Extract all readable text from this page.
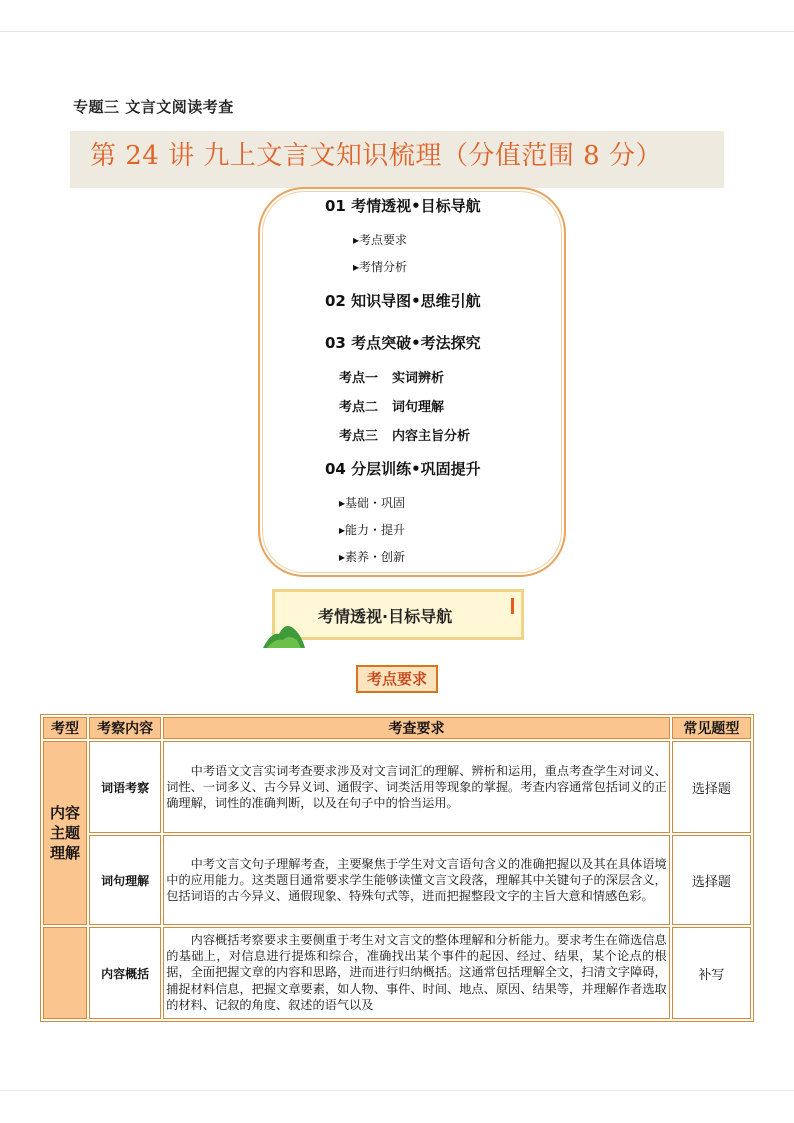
专题三 文言文阅读考查
第 24 讲 九上文言文知识梳理（分值范围 8 分）
01 考情透视•目标导航
▸考点要求
▸考情分析
02 知识导图•思维引航
03 考点突破•考法探究
考点一 实词辨析
考点二 词句理解
考点三 内容主旨分析
04 分层训练•巩固提升
▸基础・巩固
▸能力・提升
▸素养・创新
考情透视·目标导航
考点要求
考型	考察内容	考查要求	常见题型

内容主题理解	词语考察	中考语文文言实词考查要求涉及对文言词汇的理解、辨析和运用，重点考查学生对词义、词性、一词多义、古今异义词、通假字、词类活用等现象的掌握。考查内容通常包括词义的正确理解，词性的准确判断，以及在句子中的恰当运用。	选择题
	词句理解	中考文言文句子理解考查，主要聚焦于学生对文言语句含义的准确把握以及其在具体语境中的应用能力。这类题目通常要求学生能够读懂文言文段落，理解其中关键句子的深层含义，包括词语的古今异义、通假现象、特殊句式等，进而把握整段文字的主旨大意和情感色彩。	选择题
	内容概括	内容概括考察要求主要侧重于考生对文言文的整体理解和分析能力。要求考生在筛选信息的基础上，对信息进行提炼和综合，准确找出某个事件的起因、经过、结果，某个论点的根据，全面把握文章的内容和思路，进而进行归纳概括。这通常包括理解全文，扫清文字障碍，捕捉材料信息，把握文章要素，如人物、事件、时间、地点、原因、结果等，并理解作者选取的材料、记叙的角度、叙述的语气以及	补写
